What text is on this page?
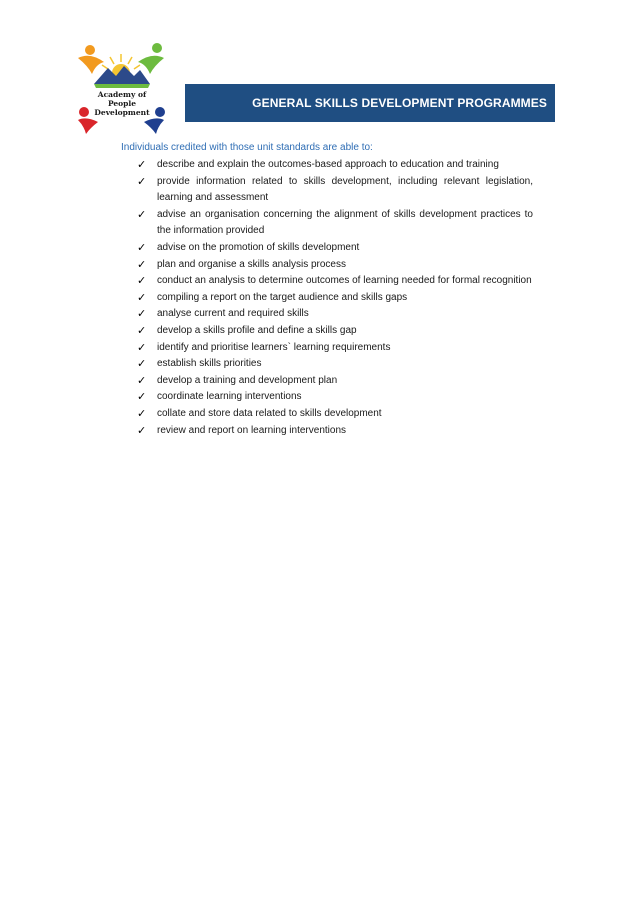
Academy of
People
Development
GENERAL SKILLS DEVELOPMENT PROGRAMMES
Individuals credited with those unit standards are able to:
✓	describe and explain the outcomes-based approach to education and training
✓	provide information related to skills development, including relevant legislation, learning and assessment
✓	advise an organisation concerning the alignment of skills development practices to the information provided
✓	advise on the promotion of skills development
✓	plan and organise a skills analysis process
✓	conduct an analysis to determine outcomes of learning needed for formal recognition
✓	compiling a report on the target audience and skills gaps
✓	analyse current and required skills
✓	develop a skills profile and define a skills gap
✓	identify and prioritise learners` learning requirements
✓	establish skills priorities
✓	develop a training and development plan
✓	coordinate learning interventions
✓	collate and store data related to skills development
✓	review and report on learning interventions
